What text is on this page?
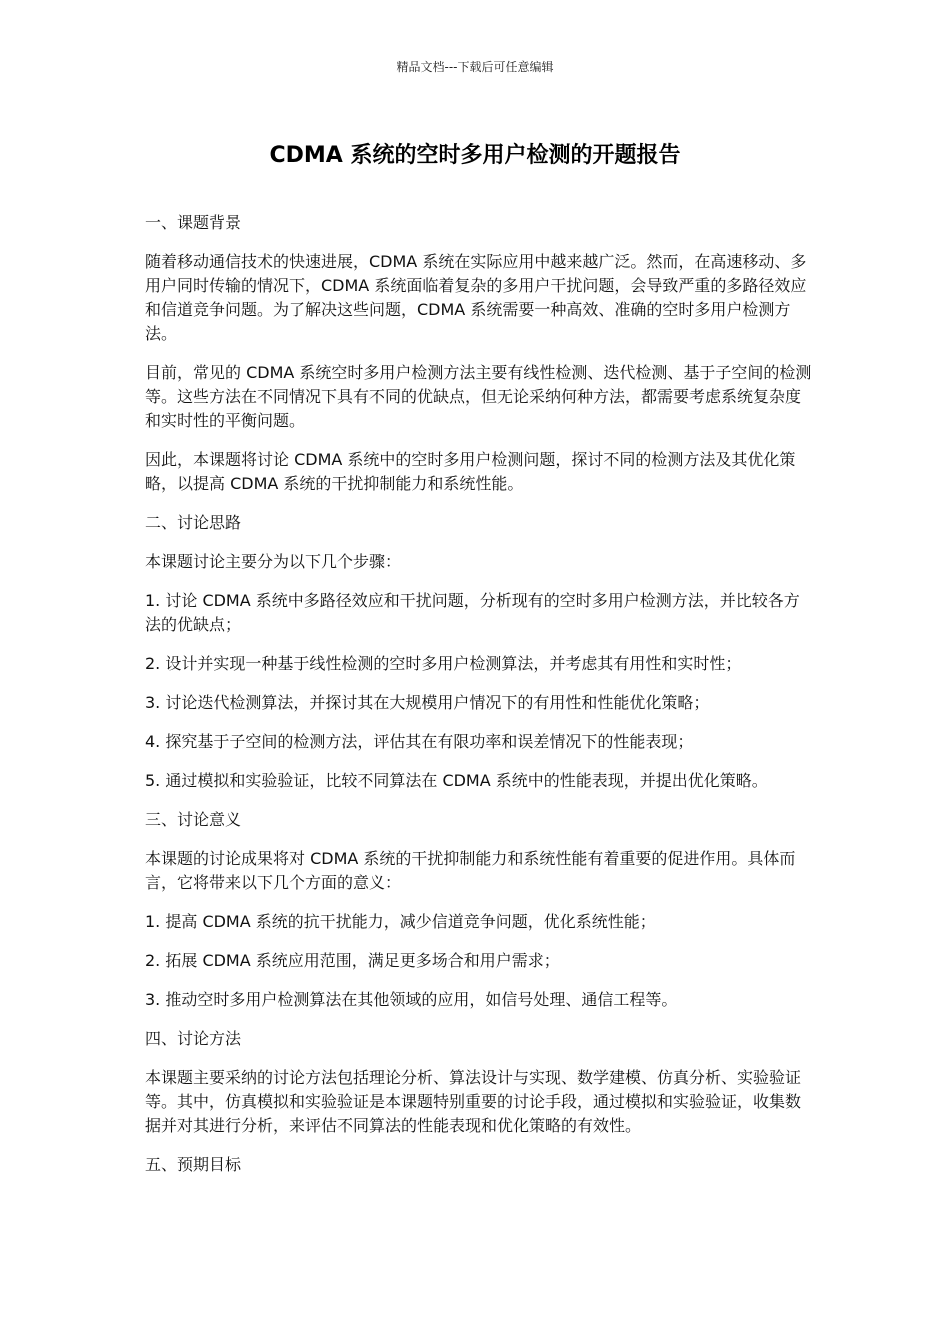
精品文档---下载后可任意编辑
CDMA 系统的空时多用户检测的开题报告

一、课题背景

随着移动通信技术的快速进展，CDMA 系统在实际应用中越来越广泛。然而，在高速移动、多用户同时传输的情况下，CDMA 系统面临着复杂的多用户干扰问题，会导致严重的多路径效应和信道竞争问题。为了解决这些问题，CDMA 系统需要一种高效、准确的空时多用户检测方法。

目前，常见的 CDMA 系统空时多用户检测方法主要有线性检测、迭代检测、基于子空间的检测等。这些方法在不同情况下具有不同的优缺点，但无论采纳何种方法，都需要考虑系统复杂度和实时性的平衡问题。

因此，本课题将讨论 CDMA 系统中的空时多用户检测问题，探讨不同的检测方法及其优化策略，以提高 CDMA 系统的干扰抑制能力和系统性能。

二、讨论思路

本课题讨论主要分为以下几个步骤：

1. 讨论 CDMA 系统中多路径效应和干扰问题，分析现有的空时多用户检测方法，并比较各方法的优缺点；

2. 设计并实现一种基于线性检测的空时多用户检测算法，并考虑其有用性和实时性；

3. 讨论迭代检测算法，并探讨其在大规模用户情况下的有用性和性能优化策略；

4. 探究基于子空间的检测方法，评估其在有限功率和误差情况下的性能表现；

5. 通过模拟和实验验证，比较不同算法在 CDMA 系统中的性能表现，并提出优化策略。

三、讨论意义

本课题的讨论成果将对 CDMA 系统的干扰抑制能力和系统性能有着重要的促进作用。具体而言，它将带来以下几个方面的意义：

1. 提高 CDMA 系统的抗干扰能力，减少信道竞争问题，优化系统性能；

2. 拓展 CDMA 系统应用范围，满足更多场合和用户需求；

3. 推动空时多用户检测算法在其他领域的应用，如信号处理、通信工程等。

四、讨论方法

本课题主要采纳的讨论方法包括理论分析、算法设计与实现、数学建模、仿真分析、实验验证等。其中，仿真模拟和实验验证是本课题特别重要的讨论手段，通过模拟和实验验证，收集数据并对其进行分析，来评估不同算法的性能表现和优化策略的有效性。

五、预期目标
